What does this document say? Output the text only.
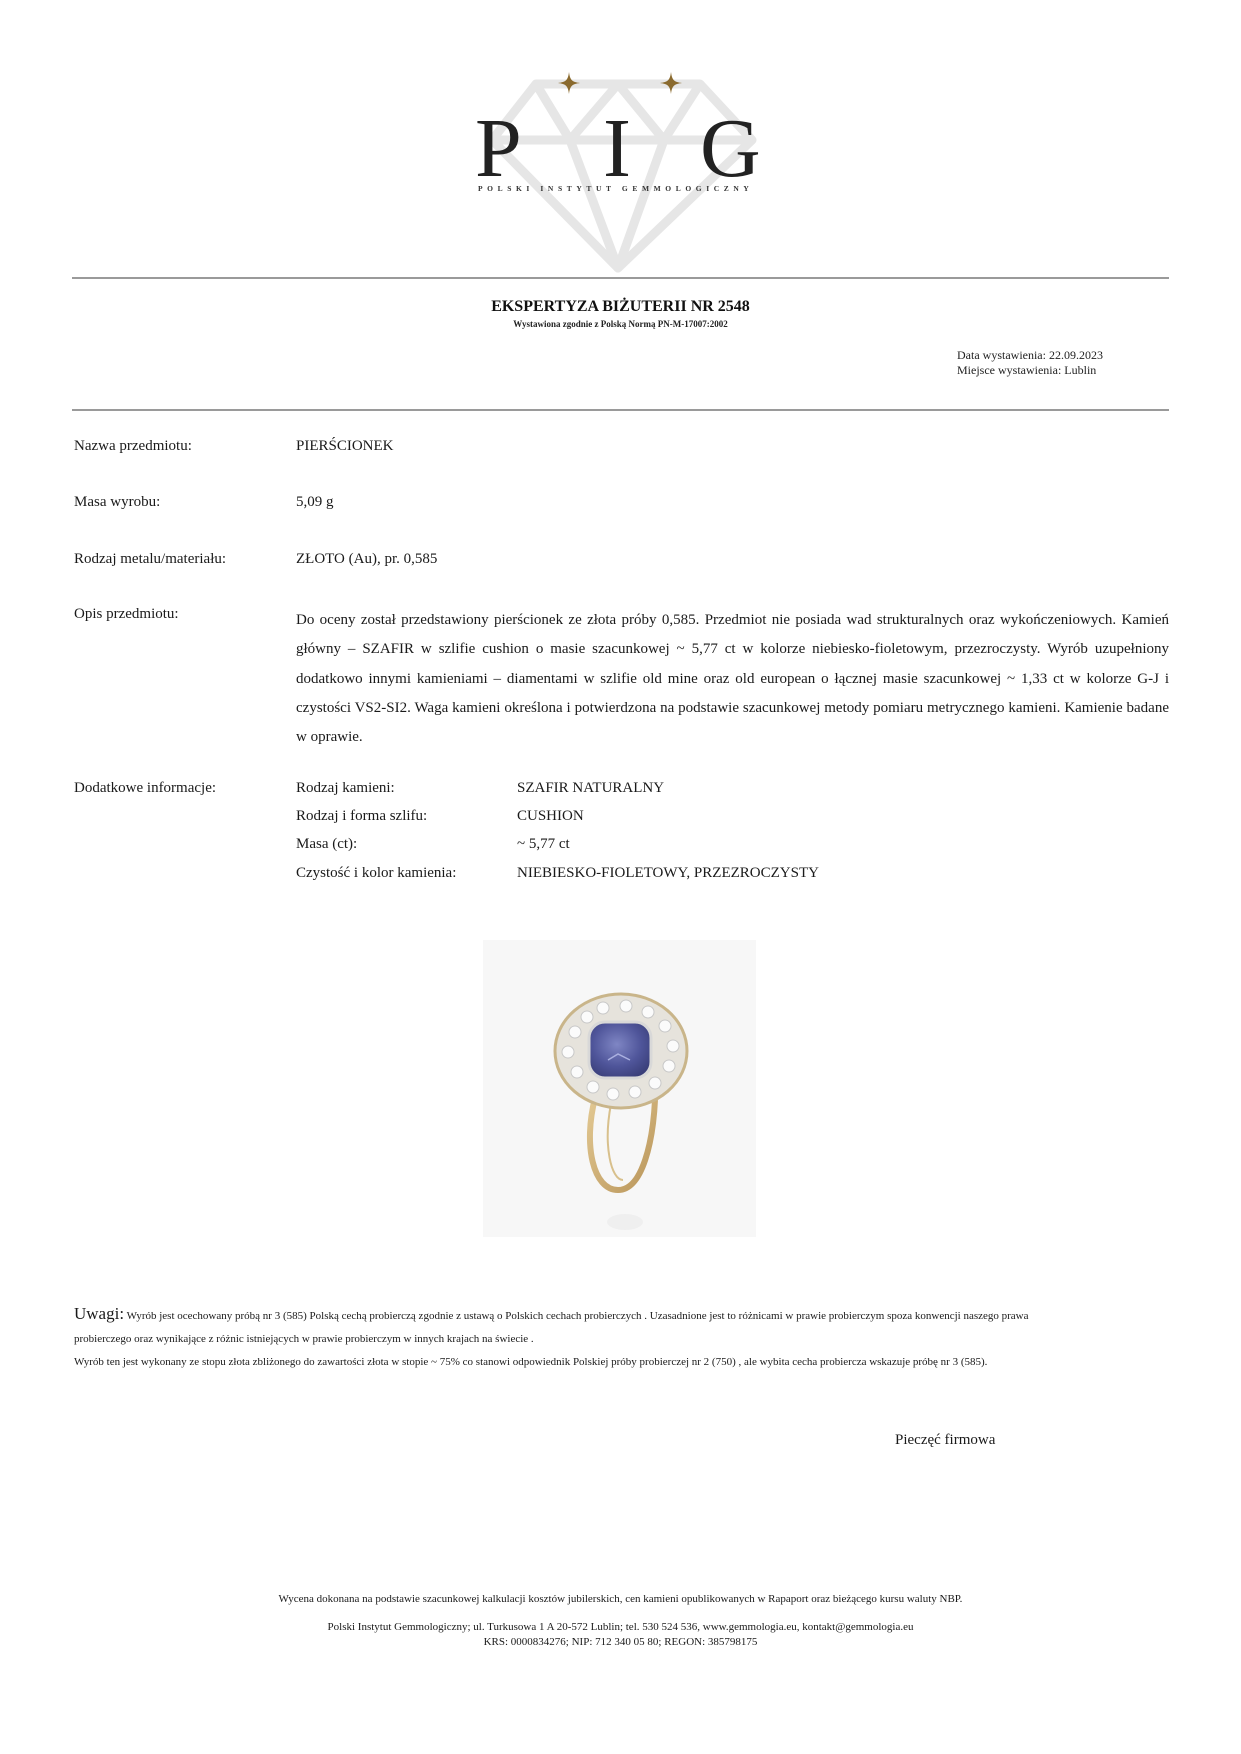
P I G
POLSKI INSTYTUT GEMMOLOGICZNY
EKSPERTYZA BIŻUTERII NR 2548
Wystawiona zgodnie z Polską Normą PN-M-17007:2002
Data wystawienia: 22.09.2023
Miejsce wystawienia: Lublin
Nazwa przedmiotu:	PIERŚCIONEK
Masa wyrobu:	5,09 g
Rodzaj metalu/materiału:	ZŁOTO (Au), pr. 0,585
Opis przedmiotu:	Do oceny został przedstawiony pierścionek ze złota próby 0,585. Przedmiot nie posiada wad strukturalnych oraz wykończeniowych. Kamień główny – SZAFIR w szlifie cushion o masie szacunkowej ~ 5,77 ct w kolorze niebiesko-fioletowym, przezroczysty. Wyrób uzupełniony dodatkowo innymi kamieniami – diamentami w szlifie old mine oraz old european o łącznej masie szacunkowej ~ 1,33 ct w kolorze G-J i czystości VS2-SI2. Waga kamieni określona i potwierdzona na podstawie szacunkowej metody pomiaru metrycznego kamieni. Kamienie badane w oprawie.
Dodatkowe informacje:	Rodzaj kamieni:	SZAFIR NATURALNY
Rodzaj i forma szlifu:	CUSHION
Masa (ct):	~ 5,77 ct
Czystość i kolor kamienia:	NIEBIESKO-FIOLETOWY, PRZEZROCZYSTY
Uwagi: Wyrób jest ocechowany próbą nr 3 (585) Polską cechą probierczą zgodnie z ustawą o Polskich cechach probierczych . Uzasadnione jest to różnicami w prawie probierczym spoza konwencji naszego prawa
probierczego oraz wynikające z różnic istniejących w prawie probierczym w innych krajach na świecie .
Wyrób ten jest wykonany ze stopu złota zbliżonego do zawartości złota w stopie ~ 75% co stanowi odpowiednik Polskiej próby probierczej nr 2 (750) , ale wybita cecha probiercza wskazuje próbę nr 3 (585).
Pieczęć firmowa
Wycena dokonana na podstawie szacunkowej kalkulacji kosztów jubilerskich, cen kamieni opublikowanych w Rapaport oraz bieżącego kursu waluty NBP.
Polski Instytut Gemmologiczny; ul. Turkusowa 1 A 20-572 Lublin; tel. 530 524 536, www.gemmologia.eu, kontakt@gemmologia.eu
KRS: 0000834276; NIP: 712 340 05 80; REGON: 385798175
